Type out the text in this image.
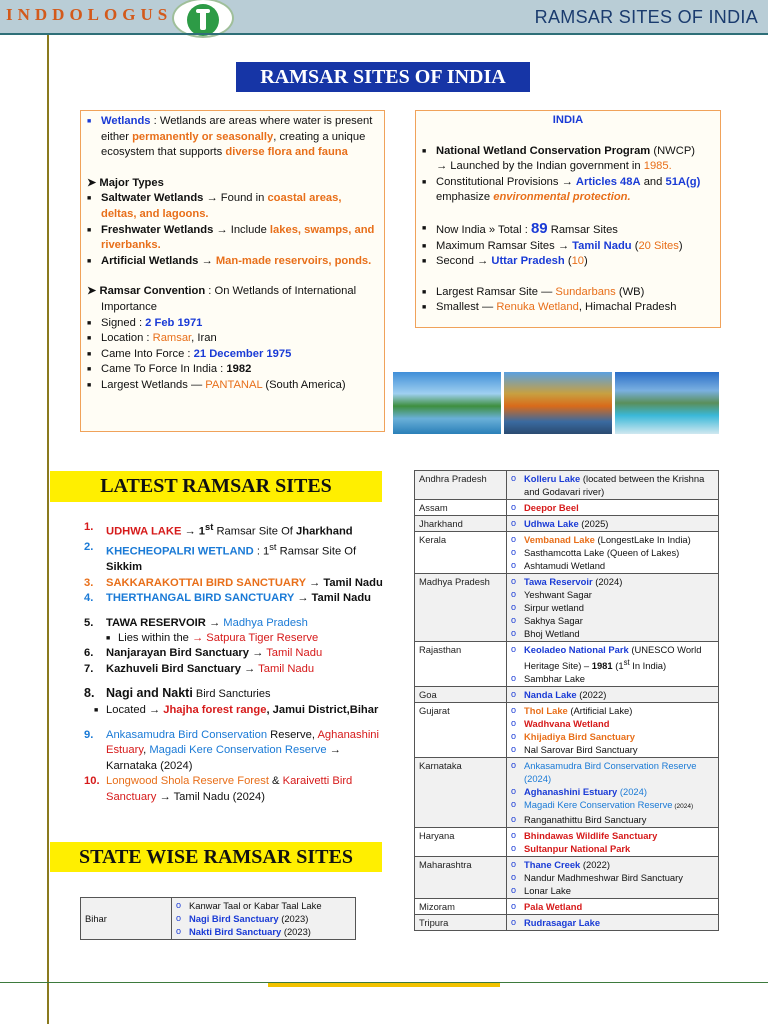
INDDOLOGUS	RAMSAR SITES OF INDIA
RAMSAR SITES OF INDIA
■ Wetlands : Wetlands are areas where water is present either permanently or seasonally, creating a unique ecosystem that supports diverse flora and fauna
➤ Major Types
■ Saltwater Wetlands → Found in coastal areas, deltas, and lagoons.
■ Freshwater Wetlands → Include lakes, swamps, and riverbanks.
■ Artificial Wetlands → Man-made reservoirs, ponds.
➤ Ramsar Convention : On Wetlands of International Importance
■ Signed : 2 Feb 1971
■ Location : Ramsar, Iran
■ Came Into Force : 21 December 1975
■ Came To Force In India : 1982
■ Largest Wetlands — PANTANAL (South America)
INDIA
■ National Wetland Conservation Program (NWCP)
→ Launched by the Indian government in 1985.
■ Constitutional Provisions → Articles 48A and 51A(g)
emphasize environmental protection.
■ Now India » Total : 89 Ramsar Sites
■ Maximum Ramsar Sites → Tamil Nadu (20 Sites)
■ Second → Uttar Pradesh (10)
■ Largest Ramsar Site — Sundarbans (WB)
■ Smallest — Renuka Wetland, Himachal Pradesh
LATEST RAMSAR SITES
1. UDHWA LAKE → 1st Ramsar Site Of Jharkhand
2. KHECHEOPALRI WETLAND : 1st Ramsar Site Of
Sikkim
3. SAKKARAKOTTAI BIRD SANCTUARY → Tamil Nadu
4. THERTHANGAL BIRD SANCTUARY → Tamil Nadu
5. TAWA RESERVOIR → Madhya Pradesh
■ Lies within the → Satpura Tiger Reserve
6. Nanjarayan Bird Sanctuary → Tamil Nadu
7. Kazhuveli Bird Sanctuary → Tamil Nadu
8. Nagi and Nakti Bird Sancturies
■ Located → Jhajha forest range, Jamui District,Bihar
9. Ankasamudra Bird Conservation Reserve, Aghanashini Estuary, Magadi Kere Conservation Reserve → Karnataka (2024)
10. Longwood Shola Reserve Forest & Karaivetti Bird Sanctuary → Tamil Nadu (2024)
STATE WISE RAMSAR SITES
Bihar	
o Kanwar Taal or Kabar Taal Lake
o Nagi Bird Sanctuary (2023)
o Nakti Bird Sanctuary (2023)
Andhra Pradesh	o Kolleru Lake (located between the Krishna and Godavari river)

Assam	o Deepor Beel

Jharkhand	o Udhwa Lake (2025)

Kerala	o Vembanad Lake (LongestLake In India)
o Sasthamcotta Lake (Queen of Lakes)
o Ashtamudi Wetland

Madhya Pradesh	o Tawa Reservoir (2024)
o Yeshwant Sagar
o Sirpur wetland
o Sakhya Sagar
o Bhoj Wetland

Rajasthan	o Keoladeo National Park (UNESCO World Heritage Site) – 1981 (1st In India)
o Sambhar Lake

Goa	o Nanda Lake (2022)

Gujarat	o Thol Lake (Artificial Lake)
o Wadhvana Wetland
o Khijadiya Bird Sanctuary
o Nal Sarovar Bird Sanctuary

Karnataka	o Ankasamudra Bird Conservation Reserve (2024)
o Aghanashini Estuary (2024)
o Magadi Kere Conservation Reserve (2024)
o Ranganathittu Bird Sanctuary

Haryana	o Bhindawas Wildlife Sanctuary
o Sultanpur National Park

Maharashtra	o Thane Creek (2022)
o Nandur Madhmeshwar Bird Sanctuary
o Lonar Lake

Mizoram	o Pala Wetland

Tripura	o Rudrasagar Lake
